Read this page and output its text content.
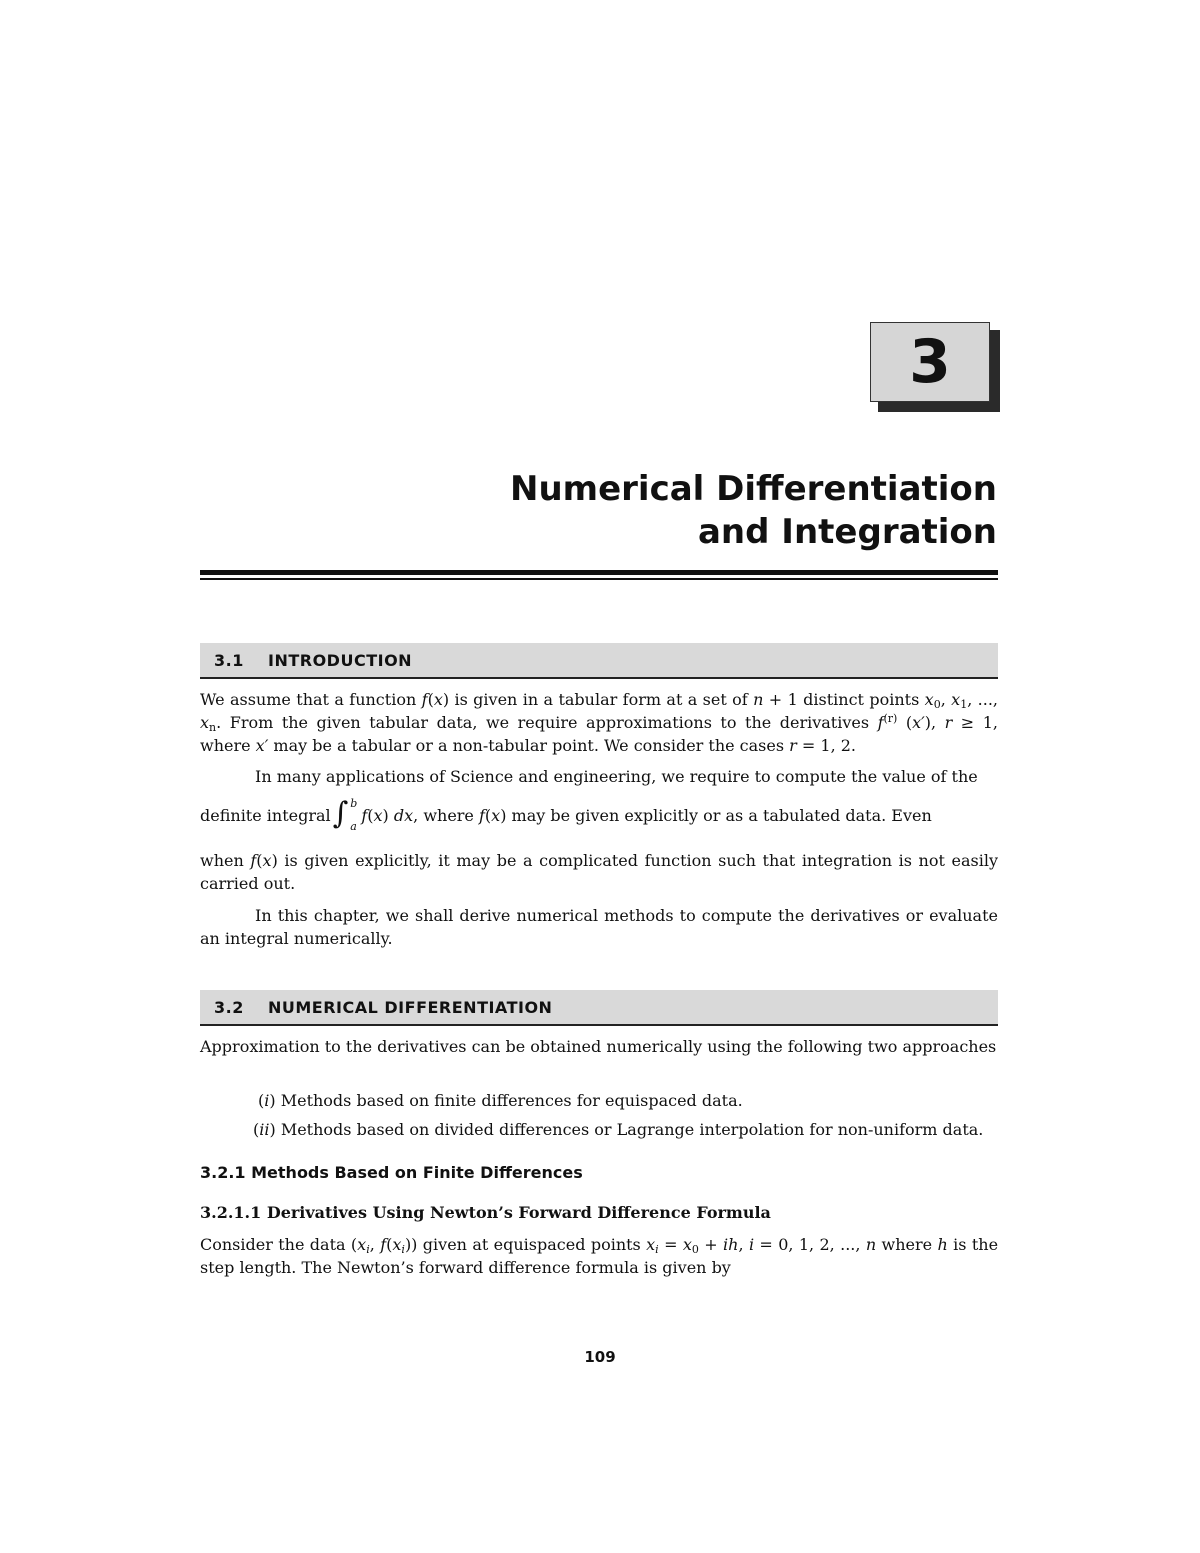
3
Numerical Differentiation
and Integration
3.1	INTRODUCTION

We assume that a function f(x) is given in a tabular form at a set of n + 1 distinct points $x_0$, $x_1$, ..., $x_n$. From the given tabular data, we require approximations to the derivatives $f^{(r)}$ (x′), r ≥ 1, where x′ may be a tabular or a non-tabular point. We consider the cases r = 1, 2.

In many applications of Science and engineering, we require to compute the value of the
definite integral ∫ b
a
f ( x ) dx , where f(x) may be given explicitly or as a tabulated data. Even

when f(x) is given explicitly, it may be a complicated function such that integration is not easily carried out.

In this chapter, we shall derive numerical methods to compute the derivatives or evaluate an integral numerically.
3.2	NUMERICAL DIFFERENTIATION
Approximation to the derivatives can be obtained numerically using the following two approaches
(i) Methods based on finite differences for equispaced data.
(ii) Methods based on divided differences or Lagrange interpolation for non-uniform data.
3.2.1 Methods Based on Finite Differences
3.2.1.1 Derivatives Using Newton’s Forward Difference Formula

Consider the data ($x_i$, $f(x_i)$) given at equispaced points $x_i = x_0$ + ih, i = 0, 1, 2, ..., n where h is the step length. The Newton’s forward difference formula is given by

109
